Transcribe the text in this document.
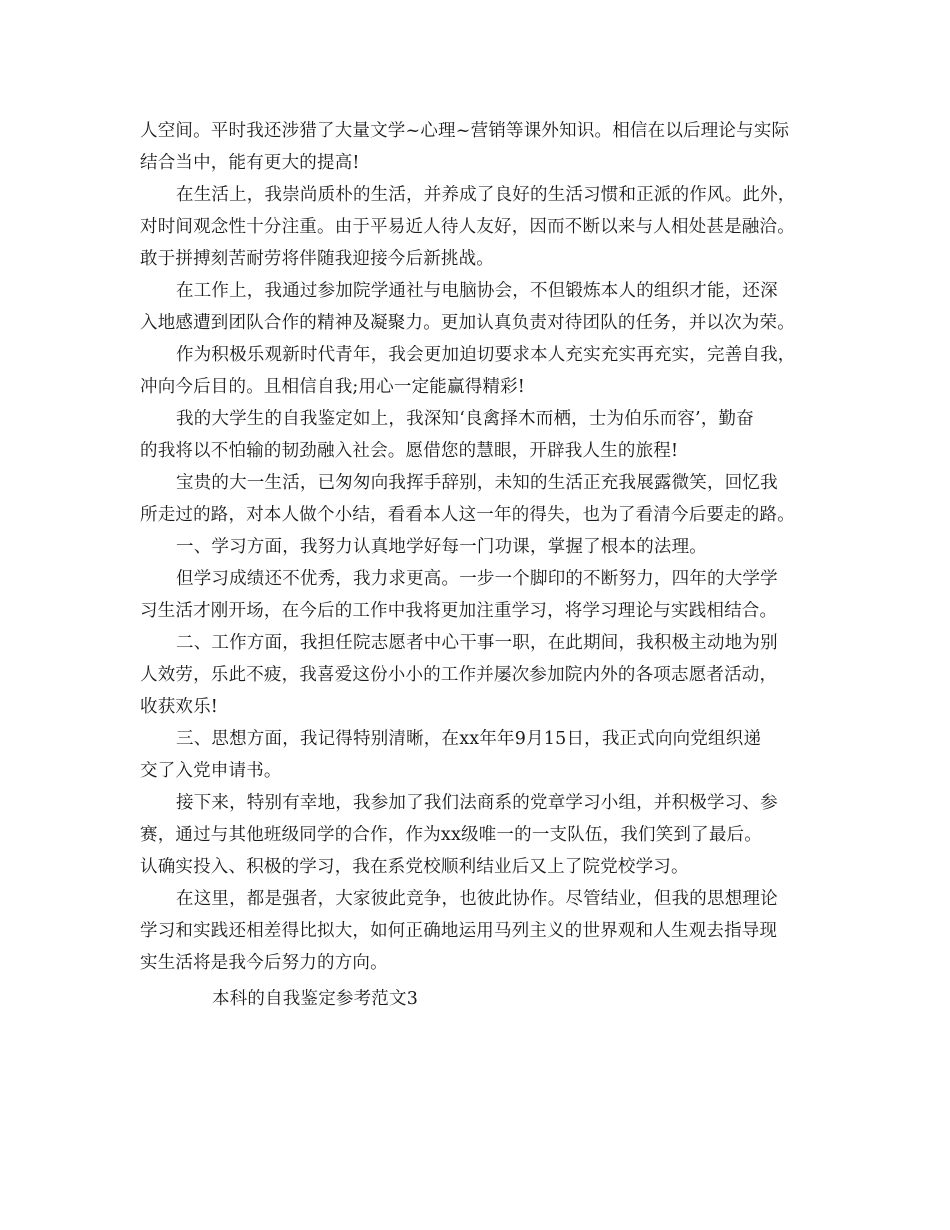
人空间。平时我还涉猎了大量文学~心理~营销等课外知识。相信在以后理论与实际
结合当中，能有更大的提高!
在生活上，我崇尚质朴的生活，并养成了良好的生活习惯和正派的作风。此外，
对时间观念性十分注重。由于平易近人待人友好，因而不断以来与人相处甚是融洽。
敢于拼搏刻苦耐劳将伴随我迎接今后新挑战。
在工作上，我通过参加院学通社与电脑协会，不但锻炼本人的组织才能，还深
入地感遭到团队合作的精神及凝聚力。更加认真负责对待团队的任务，并以次为荣。
作为积极乐观新时代青年，我会更加迫切要求本人充实充实再充实，完善自我，
冲向今后目的。且相信自我;用心一定能赢得精彩!
我的大学生的自我鉴定如上，我深知‘良禽择木而栖，士为伯乐而容’，勤奋
的我将以不怕输的韧劲融入社会。愿借您的慧眼，开辟我人生的旅程!
宝贵的大一生活，已匆匆向我挥手辞别，未知的生活正充我展露微笑，回忆我
所走过的路，对本人做个小结，看看本人这一年的得失，也为了看清今后要走的路。
一、学习方面，我努力认真地学好每一门功课，掌握了根本的法理。
但学习成绩还不优秀，我力求更高。一步一个脚印的不断努力，四年的大学学
习生活才刚开场，在今后的工作中我将更加注重学习，将学习理论与实践相结合。
二、工作方面，我担任院志愿者中心干事一职，在此期间，我积极主动地为别
人效劳，乐此不疲，我喜爱这份小小的工作并屡次参加院内外的各项志愿者活动，
收获欢乐!
三、思想方面，我记得特别清晰，在xx年年9月15日，我正式向向党组织递
交了入党申请书。
接下来，特别有幸地，我参加了我们法商系的党章学习小组，并积极学习、参
赛，通过与其他班级同学的合作，作为xx级唯一的一支队伍，我们笑到了最后。
认确实投入、积极的学习，我在系党校顺利结业后又上了院党校学习。
在这里，都是强者，大家彼此竞争，也彼此协作。尽管结业，但我的思想理论
学习和实践还相差得比拟大，如何正确地运用马列主义的世界观和人生观去指导现
实生活将是我今后努力的方向。
本科的自我鉴定参考范文3
